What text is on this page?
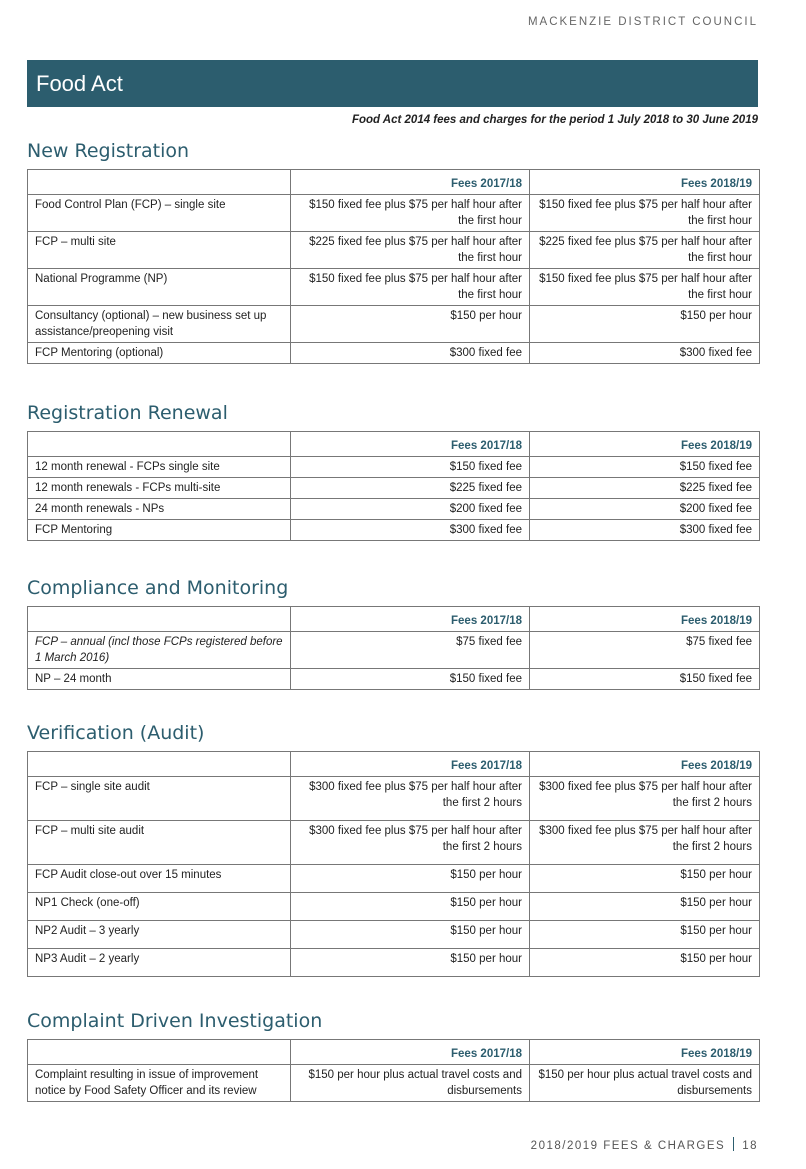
MACKENZIE DISTRICT COUNCIL
Food Act
Food Act 2014 fees and charges for the period 1 July 2018 to 30 June 2019
New Registration
	Fees 2017/18	Fees 2018/19
Food Control Plan (FCP) – single site	$150 fixed fee plus $75 per half hour after the first hour	$150 fixed fee plus $75 per half hour after the first hour
FCP – multi site	$225 fixed fee plus $75 per half hour after the first hour	$225 fixed fee plus $75 per half hour after the first hour
National Programme (NP)	$150 fixed fee plus $75 per half hour after the first hour	$150 fixed fee plus $75 per half hour after the first hour
Consultancy (optional) – new business set up assistance/preopening visit	$150 per hour	$150 per hour
FCP Mentoring (optional)	$300 fixed fee	$300 fixed fee
Registration Renewal
	Fees 2017/18	Fees 2018/19
12 month renewal - FCPs single site	$150 fixed fee	$150 fixed fee
12 month renewals - FCPs multi-site	$225 fixed fee	$225 fixed fee
24 month renewals - NPs	$200 fixed fee	$200 fixed fee
FCP Mentoring	$300 fixed fee	$300 fixed fee
Compliance and Monitoring
	Fees 2017/18	Fees 2018/19
FCP – annual (incl those FCPs registered before 1 March 2016)	$75 fixed fee	$75 fixed fee
NP – 24 month	$150 fixed fee	$150 fixed fee
Verification (Audit)
	Fees 2017/18	Fees 2018/19
FCP – single site audit	$300 fixed fee plus $75 per half hour after the first 2 hours	$300 fixed fee plus $75 per half hour after the first 2 hours
FCP – multi site audit	$300 fixed fee plus $75 per half hour after the first 2 hours	$300 fixed fee plus $75 per half hour after the first 2 hours
FCP Audit close-out over 15 minutes	$150 per hour	$150 per hour
NP1 Check (one-off)	$150 per hour	$150 per hour
NP2 Audit – 3 yearly	$150 per hour	$150 per hour
NP3 Audit – 2 yearly	$150 per hour	$150 per hour
Complaint Driven Investigation
	Fees 2017/18	Fees 2018/19
Complaint resulting in issue of improvement notice by Food Safety Officer and its review	$150 per hour plus actual travel costs and disbursements	$150 per hour plus actual travel costs and disbursements
2018/2019 FEES & CHARGES 18
